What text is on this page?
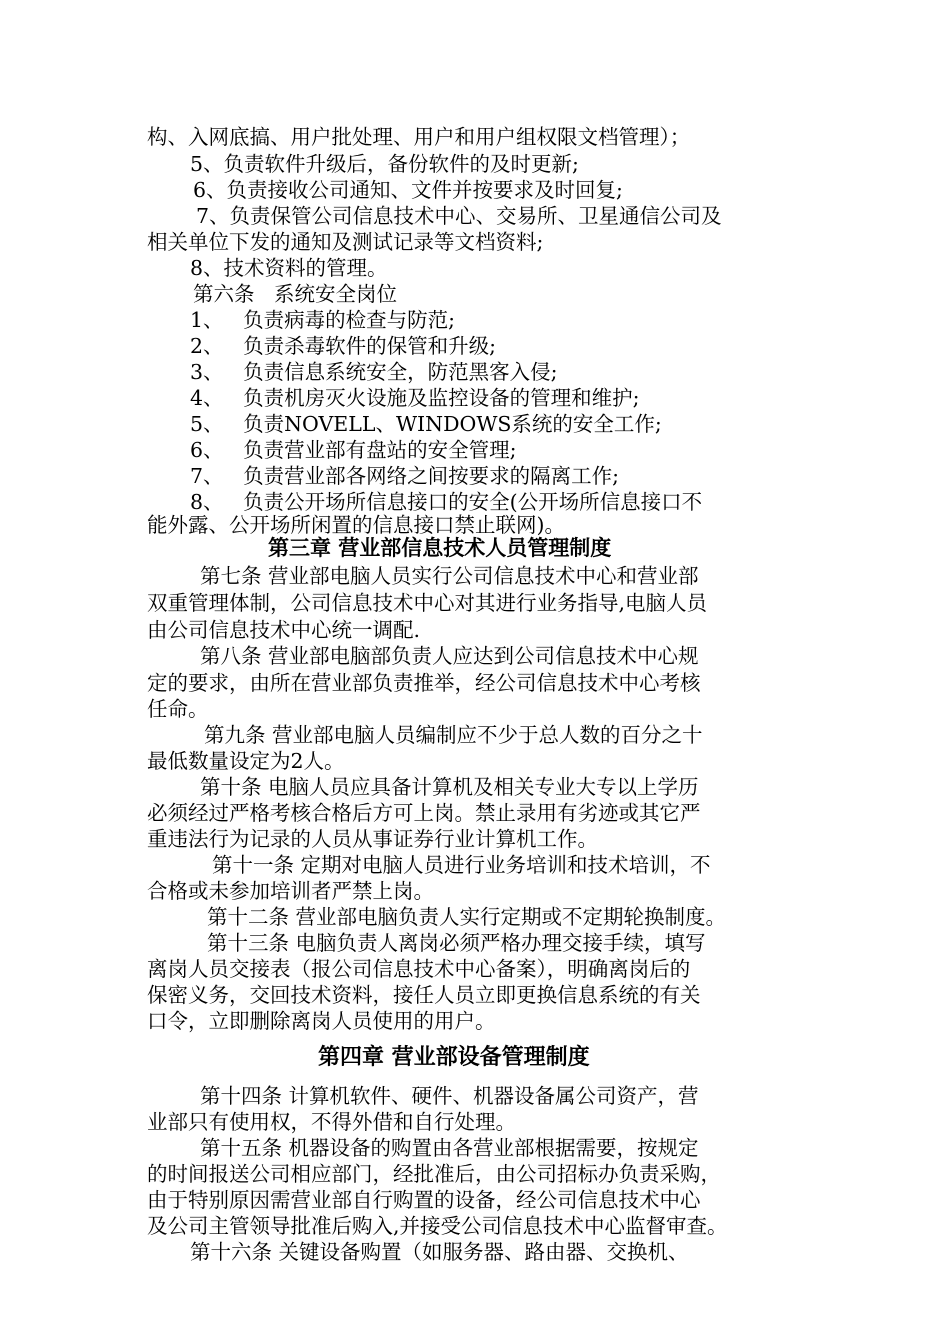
构、入网底搞、用户批处理、用户和用户组权限文档管理）；
5、负责软件升级后，备份软件的及时更新;
6、负责接收公司通知、文件并按要求及时回复;
7、负责保管公司信息技术中心、交易所、卫星通信公司及
相关单位下发的通知及测试记录等文档资料;
8、技术资料的管理。
第六条   系统安全岗位
1、   负责病毒的检查与防范;
2、   负责杀毒软件的保管和升级;
3、   负责信息系统安全，防范黑客入侵;
4、   负责机房灭火设施及监控设备的管理和维护;
5、   负责NOVELL、WINDOWS系统的安全工作;
6、   负责营业部有盘站的安全管理;
7、   负责营业部各网络之间按要求的隔离工作;
8、   负责公开场所信息接口的安全(公开场所信息接口不
能外露、公开场所闲置的信息接口禁止联网)。
第三章 营业部信息技术人员管理制度
第七条 营业部电脑人员实行公司信息技术中心和营业部
双重管理体制，公司信息技术中心对其进行业务指导,电脑人员
由公司信息技术中心统一调配.
第八条 营业部电脑部负责人应达到公司信息技术中心规
定的要求，由所在营业部负责推举，经公司信息技术中心考核
任命。
第九条 营业部电脑人员编制应不少于总人数的百分之十
最低数量设定为2人。
第十条 电脑人员应具备计算机及相关专业大专以上学历
必须经过严格考核合格后方可上岗。禁止录用有劣迹或其它严
重违法行为记录的人员从事证券行业计算机工作。
第十一条 定期对电脑人员进行业务培训和技术培训，不
合格或未参加培训者严禁上岗。
第十二条 营业部电脑负责人实行定期或不定期轮换制度。
第十三条 电脑负责人离岗必须严格办理交接手续，填写
离岗人员交接表（报公司信息技术中心备案），明确离岗后的
保密义务，交回技术资料，接任人员立即更换信息系统的有关
口令，立即删除离岗人员使用的用户。
第四章 营业部设备管理制度
第十四条 计算机软件、硬件、机器设备属公司资产，营
业部只有使用权，不得外借和自行处理。
第十五条 机器设备的购置由各营业部根据需要，按规定
的时间报送公司相应部门，经批准后，由公司招标办负责采购，
由于特别原因需营业部自行购置的设备，经公司信息技术中心
及公司主管领导批准后购入,并接受公司信息技术中心监督审查。
第十六条 关键设备购置（如服务器、路由器、交换机、
